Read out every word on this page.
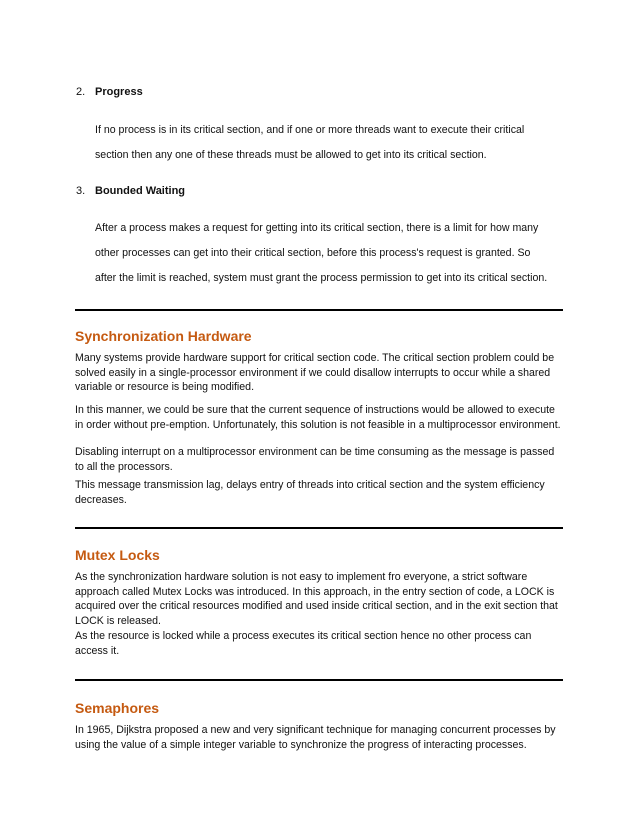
2. Progress
If no process is in its critical section, and if one or more threads want to execute their critical
section then any one of these threads must be allowed to get into its critical section.
3. Bounded Waiting
After a process makes a request for getting into its critical section, there is a limit for how many
other processes can get into their critical section, before this process's request is granted. So
after the limit is reached, system must grant the process permission to get into its critical section.
Synchronization Hardware

Many systems provide hardware support for critical section code. The critical section problem could be solved easily in a single-processor environment if we could disallow interrupts to occur while a shared variable or resource is being modified.

In this manner, we could be sure that the current sequence of instructions would be allowed to execute in order without pre-emption. Unfortunately, this solution is not feasible in a multiprocessor environment.

Disabling interrupt on a multiprocessor environment can be time consuming as the message is passed to all the processors.

This message transmission lag, delays entry of threads into critical section and the system efficiency decreases.

Mutex Locks

As the synchronization hardware solution is not easy to implement fro everyone, a strict software approach called Mutex Locks was introduced. In this approach, in the entry section of code, a LOCK is acquired over the critical resources modified and used inside critical section, and in the exit section that LOCK is released.

As the resource is locked while a process executes its critical section hence no other process can access it.

Semaphores

In 1965, Dijkstra proposed a new and very significant technique for managing concurrent processes by using the value of a simple integer variable to synchronize the progress of interacting processes.
